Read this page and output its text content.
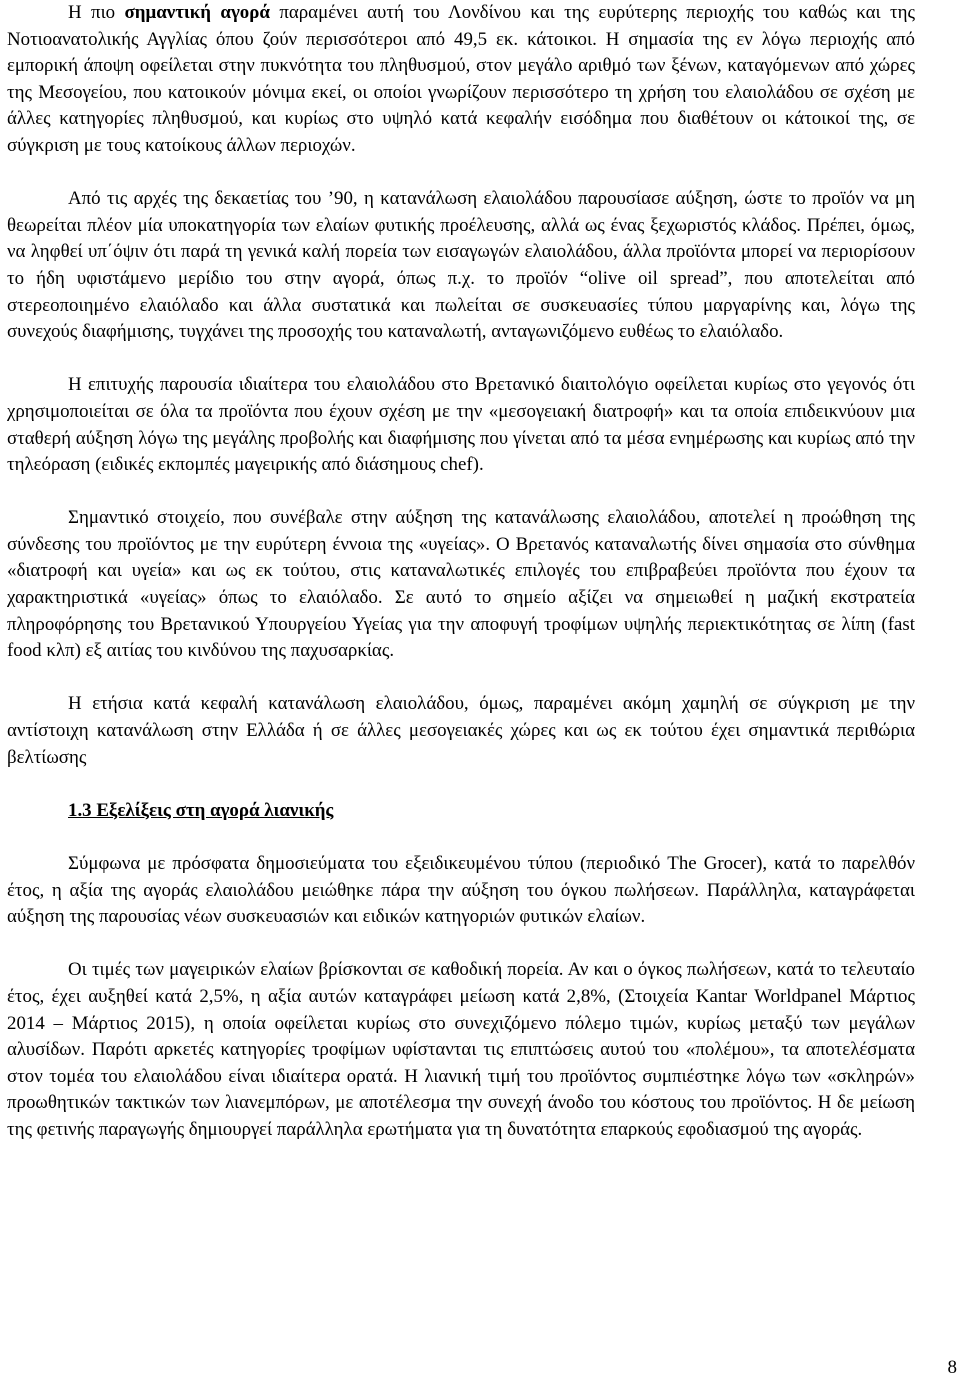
Η πιο σημαντική αγορά παραμένει αυτή του Λονδίνου και της ευρύτερης περιοχής του καθώς και της Νοτιοανατολικής Αγγλίας όπου ζούν περισσότεροι από 49,5 εκ. κάτοικοι. Η σημασία της εν λόγω περιοχής από εμπορική άποψη οφείλεται στην πυκνότητα του πληθυσμού, στον μεγάλο αριθμό των ξένων, καταγόμενων από χώρες της Μεσογείου, που κατοικούν μόνιμα εκεί, οι οποίοι γνωρίζουν περισσότερο τη χρήση του ελαιολάδου σε σχέση με άλλες κατηγορίες πληθυσμού, και κυρίως στο υψηλό κατά κεφαλήν εισόδημα που διαθέτουν οι κάτοικοί της, σε σύγκριση με τους κατοίκους άλλων περιοχών.

Από τις αρχές της δεκαετίας του ’90, η κατανάλωση ελαιολάδου παρουσίασε αύξηση, ώστε το προϊόν να μη θεωρείται πλέον μία υποκατηγορία των ελαίων φυτικής προέλευσης, αλλά ως ένας ξεχωριστός κλάδος. Πρέπει, όμως, να ληφθεί υπ΄όψιν ότι παρά τη γενικά καλή πορεία των εισαγωγών ελαιολάδου, άλλα προϊόντα μπορεί να περιορίσουν το ήδη υφιστάμενο μερίδιο του στην αγορά, όπως π.χ. το προϊόν “olive oil spread”, που αποτελείται από στερεοποιημένο ελαιόλαδο και άλλα συστατικά και πωλείται σε συσκευασίες τύπου μαργαρίνης και, λόγω της συνεχούς διαφήμισης, τυγχάνει της προσοχής του καταναλωτή, ανταγωνιζόμενο ευθέως το ελαιόλαδο.

Η επιτυχής παρουσία ιδιαίτερα του ελαιολάδου στο Βρετανικό διαιτολόγιο οφείλεται κυρίως στο γεγονός ότι χρησιμοποιείται σε όλα τα προϊόντα που έχουν σχέση με την «μεσογειακή διατροφή» και τα οποία επιδεικνύουν μια σταθερή αύξηση λόγω της μεγάλης προβολής και διαφήμισης που γίνεται από τα μέσα ενημέρωσης και κυρίως από την τηλεόραση (ειδικές εκπομπές μαγειρικής από διάσημους chef).

Σημαντικό στοιχείο, που συνέβαλε στην αύξηση της κατανάλωσης ελαιολάδου, αποτελεί η προώθηση της σύνδεσης του προϊόντος με την ευρύτερη έννοια της «υγείας». Ο Βρετανός καταναλωτής δίνει σημασία στο σύνθημα «διατροφή και υγεία» και ως εκ τούτου, στις καταναλωτικές επιλογές του επιβραβεύει προϊόντα που έχουν τα χαρακτηριστικά «υγείας» όπως το ελαιόλαδο. Σε αυτό το σημείο αξίζει να σημειωθεί η μαζική εκστρατεία πληροφόρησης του Βρετανικού Υπουργείου Υγείας για την αποφυγή τροφίμων υψηλής περιεκτικότητας σε λίπη (fast food κλπ) εξ αιτίας του κινδύνου της παχυσαρκίας.

Η ετήσια κατά κεφαλή κατανάλωση ελαιολάδου, όμως, παραμένει ακόμη χαμηλή σε σύγκριση με την αντίστοιχη κατανάλωση στην Ελλάδα ή σε άλλες μεσογειακές χώρες και ως εκ τούτου έχει σημαντικά περιθώρια βελτίωσης

1.3 Εξελίξεις στη αγορά λιανικής

Σύμφωνα με πρόσφατα δημοσιεύματα του εξειδικευμένου τύπου (περιοδικό The Grocer), κατά το παρελθόν έτος, η αξία της αγοράς ελαιολάδου μειώθηκε πάρα την αύξηση του όγκου πωλήσεων. Παράλληλα, καταγράφεται αύξηση της παρουσίας νέων συσκευασιών και ειδικών κατηγοριών φυτικών ελαίων.

Οι τιμές των μαγειρικών ελαίων βρίσκονται σε καθοδική πορεία. Αν και ο όγκος πωλήσεων, κατά το τελευταίο έτος, έχει αυξηθεί κατά 2,5%, η αξία αυτών καταγράφει μείωση κατά 2,8%, (Στοιχεία Kantar Worldpanel Μάρτιος 2014 – Μάρτιος 2015), η οποία οφείλεται κυρίως στο συνεχιζόμενο πόλεμο τιμών, κυρίως μεταξύ των μεγάλων αλυσίδων. Παρότι αρκετές κατηγορίες τροφίμων υφίστανται τις επιπτώσεις αυτού του «πολέμου», τα αποτελέσματα στον τομέα του ελαιολάδου είναι ιδιαίτερα ορατά. Η λιανική τιμή του προϊόντος συμπιέστηκε λόγω των «σκληρών» προωθητικών τακτικών των λιανεμπόρων, με αποτέλεσμα την συνεχή άνοδο του κόστους του προϊόντος. Η δε μείωση της φετινής παραγωγής δημιουργεί παράλληλα ερωτήματα για τη δυνατότητα επαρκούς εφοδιασμού της αγοράς.

8
